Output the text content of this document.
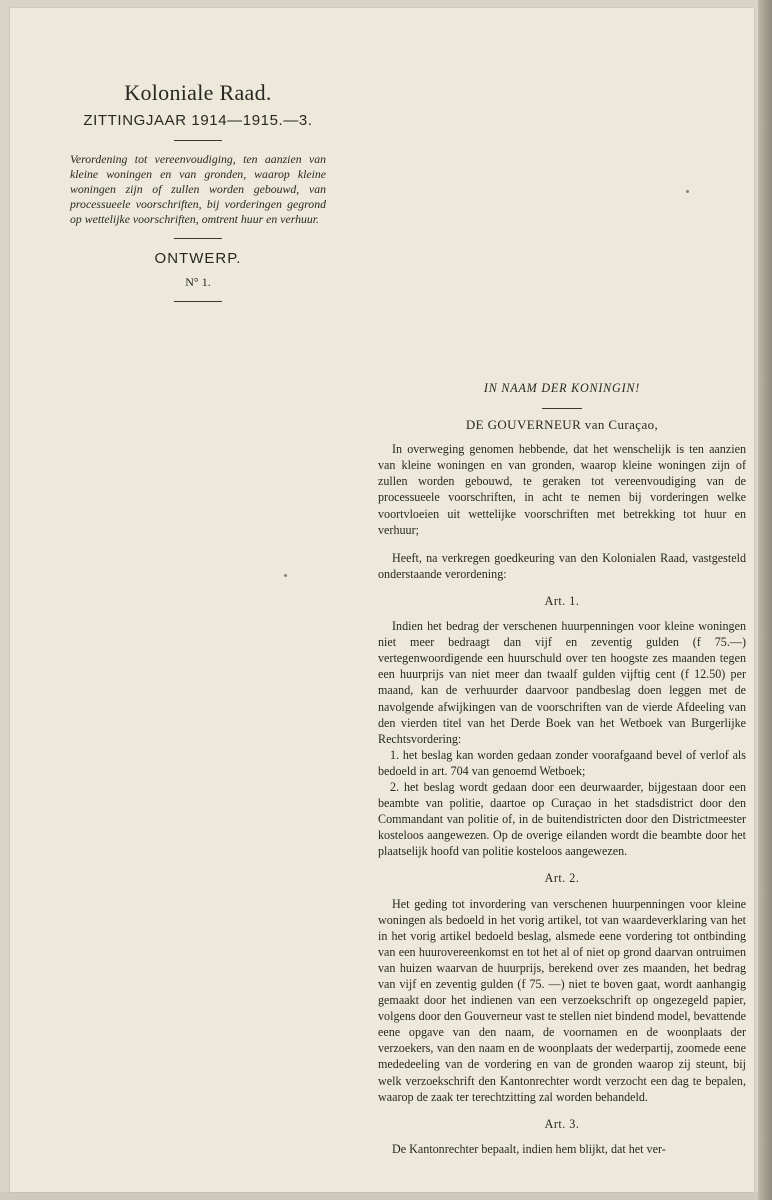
Koloniale Raad.

ZITTINGJAAR 1914—1915.—3.

Verordening tot vereenvoudiging, ten aanzien van kleine woningen en van gronden, waarop kleine woningen zijn of zullen worden gebouwd, van processueele voorschriften, bij vorderingen gegrond op wettelijke voorschriften, omtrent huur en verhuur.

ONTWERP.

N° 1.

IN NAAM DER KONINGIN!

DE GOUVERNEUR van Curaçao,

In overweging genomen hebbende, dat het wenschelijk is ten aanzien van kleine woningen en van gronden, waarop kleine woningen zijn of zullen worden gebouwd, te geraken tot vereenvoudiging van de processueele voorschriften, in acht te nemen bij vorderingen welke voortvloeien uit wettelijke voorschriften met betrekking tot huur en verhuur;

Heeft, na verkregen goedkeuring van den Kolonialen Raad, vastgesteld onderstaande verordening:

Art. 1.

Indien het bedrag der verschenen huurpenningen voor kleine woningen niet meer bedraagt dan vijf en zeventig gulden (f 75.—) vertegenwoordigende een huurschuld over ten hoogste zes maanden tegen een huurprijs van niet meer dan twaalf gulden vijftig cent (f 12.50) per maand, kan de verhuurder daarvoor pandbeslag doen leggen met de navolgende afwijkingen van de voorschriften van de vierde Afdeeling van den vierden titel van het Derde Boek van het Wetboek van Burgerlijke Rechtsvordering:

1. het beslag kan worden gedaan zonder voorafgaand bevel of verlof als bedoeld in art. 704 van genoemd Wetboek;

2. het beslag wordt gedaan door een deurwaarder, bijgestaan door een beambte van politie, daartoe op Curaçao in het stadsdistrict door den Commandant van politie of, in de buitendistricten door den Districtmeester kosteloos aangewezen. Op de overige eilanden wordt die beambte door het plaatselijk hoofd van politie kosteloos aangewezen.

Art. 2.

Het geding tot invordering van verschenen huurpenningen voor kleine woningen als bedoeld in het vorig artikel, tot van waardeverklaring van het in het vorig artikel bedoeld beslag, alsmede eene vordering tot ontbinding van een huurovereenkomst en tot het al of niet op grond daarvan ontruimen van huizen waarvan de huurprijs, berekend over zes maanden, het bedrag van vijf en zeventig gulden (f 75. —) niet te boven gaat, wordt aanhangig gemaakt door het indienen van een verzoekschrift op ongezegeld papier, volgens door den Gouverneur vast te stellen niet bindend model, bevattende eene opgave van den naam, de voornamen en de woonplaats der verzoekers, van den naam en de woonplaats der wederpartij, zoomede eene mededeeling van de vordering en van de gronden waarop zij steunt, bij welk verzoekschrift den Kantonrechter wordt verzocht een dag te bepalen, waarop de zaak ter terechtzitting zal worden behandeld.

Art. 3.

De Kantonrechter bepaalt, indien hem blijkt, dat het ver-
